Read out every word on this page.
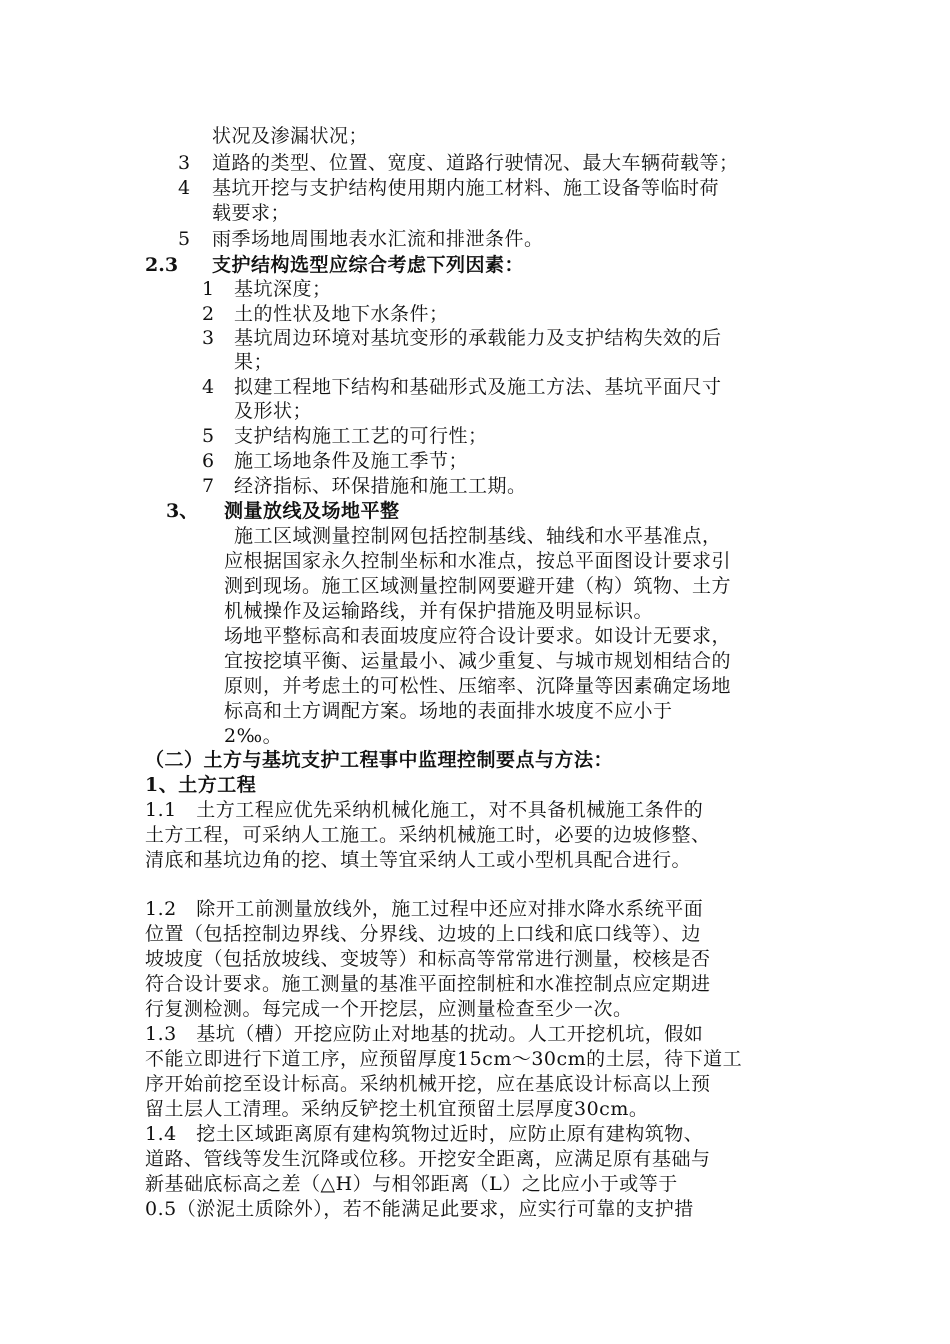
状况及渗漏状况；
3 道路的类型、位置、宽度、道路行驶情况、最大车辆荷载等；
4 基坑开挖与支护结构使用期内施工材料、施工设备等临时荷
载要求；
5 雨季场地周围地表水汇流和排泄条件。
2.3 支护结构选型应综合考虑下列因素：
1 基坑深度；
2 土的性状及地下水条件；
3 基坑周边环境对基坑变形的承载能力及支护结构失效的后
果；
4 拟建工程地下结构和基础形式及施工方法、基坑平面尺寸
及形状；
5 支护结构施工工艺的可行性；
6 施工场地条件及施工季节；
7 经济指标、环保措施和施工工期。
3、 测量放线及场地平整
施工区域测量控制网包括控制基线、轴线和水平基准点，
应根据国家永久控制坐标和水准点，按总平面图设计要求引
测到现场。施工区域测量控制网要避开建（构）筑物、土方
机械操作及运输路线，并有保护措施及明显标识。
场地平整标高和表面坡度应符合设计要求。如设计无要求，
宜按挖填平衡、运量最小、减少重复、与城市规划相结合的
原则，并考虑土的可松性、压缩率、沉降量等因素确定场地
标高和土方调配方案。场地的表面排水坡度不应小于
2‰。
（二）土方与基坑支护工程事中监理控制要点与方法：
1、土方工程
1.1　土方工程应优先采纳机械化施工，对不具备机械施工条件的
土方工程，可采纳人工施工。采纳机械施工时，必要的边坡修整、
清底和基坑边角的挖、填土等宜采纳人工或小型机具配合进行。
1.2　除开工前测量放线外，施工过程中还应对排水降水系统平面
位置（包括控制边界线、分界线、边坡的上口线和底口线等）、边
坡坡度（包括放坡线、变坡等）和标高等常常进行测量，校核是否
符合设计要求。施工测量的基准平面控制桩和水准控制点应定期进
行复测检测。每完成一个开挖层，应测量检查至少一次。
1.3　基坑（槽）开挖应防止对地基的扰动。人工开挖机坑，假如
不能立即进行下道工序，应预留厚度15cm～30cm的土层，待下道工
序开始前挖至设计标高。采纳机械开挖，应在基底设计标高以上预
留土层人工清理。采纳反铲挖土机宜预留土层厚度30cm。
1.4　挖土区域距离原有建构筑物过近时，应防止原有建构筑物、
道路、管线等发生沉降或位移。开挖安全距离，应满足原有基础与
新基础底标高之差（△H）与相邻距离（L）之比应小于或等于
0.5（淤泥土质除外），若不能满足此要求，应实行可靠的支护措
